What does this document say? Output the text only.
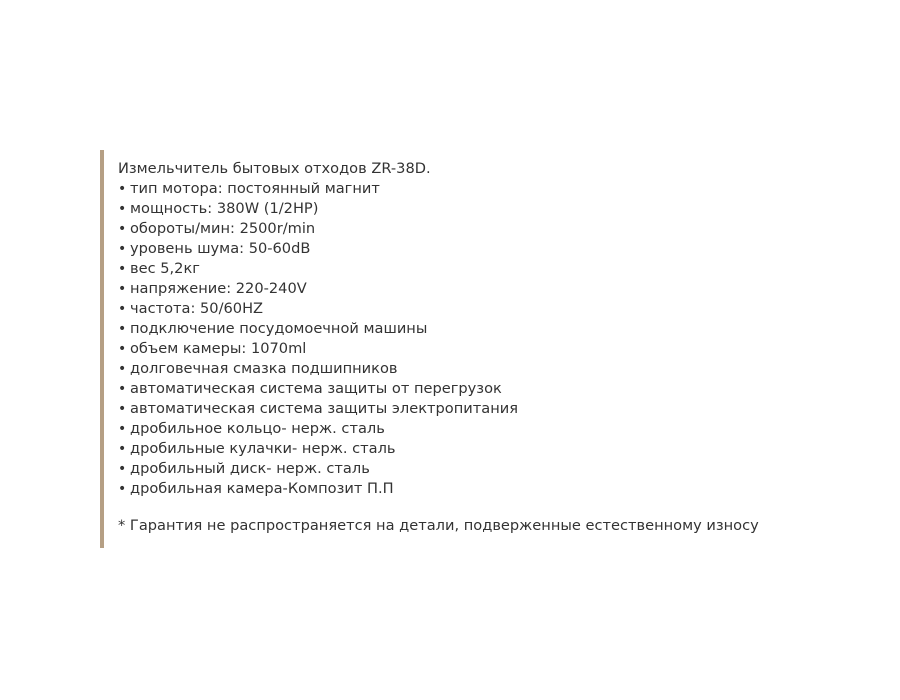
Измельчитель бытовых отходов ZR-38D.

• тип мотора: постоянный магнит
• мощность: 380W (1/2HP)
• обороты/мин: 2500r/min
• уровень шума: 50-60dB
• вес 5,2кг
• напряжение: 220-240V
• частота: 50/60HZ
• подключение посудомоечной машины
• объем камеры: 1070ml
• долговечная смазка подшипников
• автоматическая система защиты от перегрузок
• автоматическая система защиты электропитания
• дробильное кольцо- нерж. сталь
• дробильные кулачки- нерж. сталь
• дробильный диск- нерж. сталь
• дробильная камера-Композит П.П

* Гарантия не распространяется на детали, подверженные естественному износу
